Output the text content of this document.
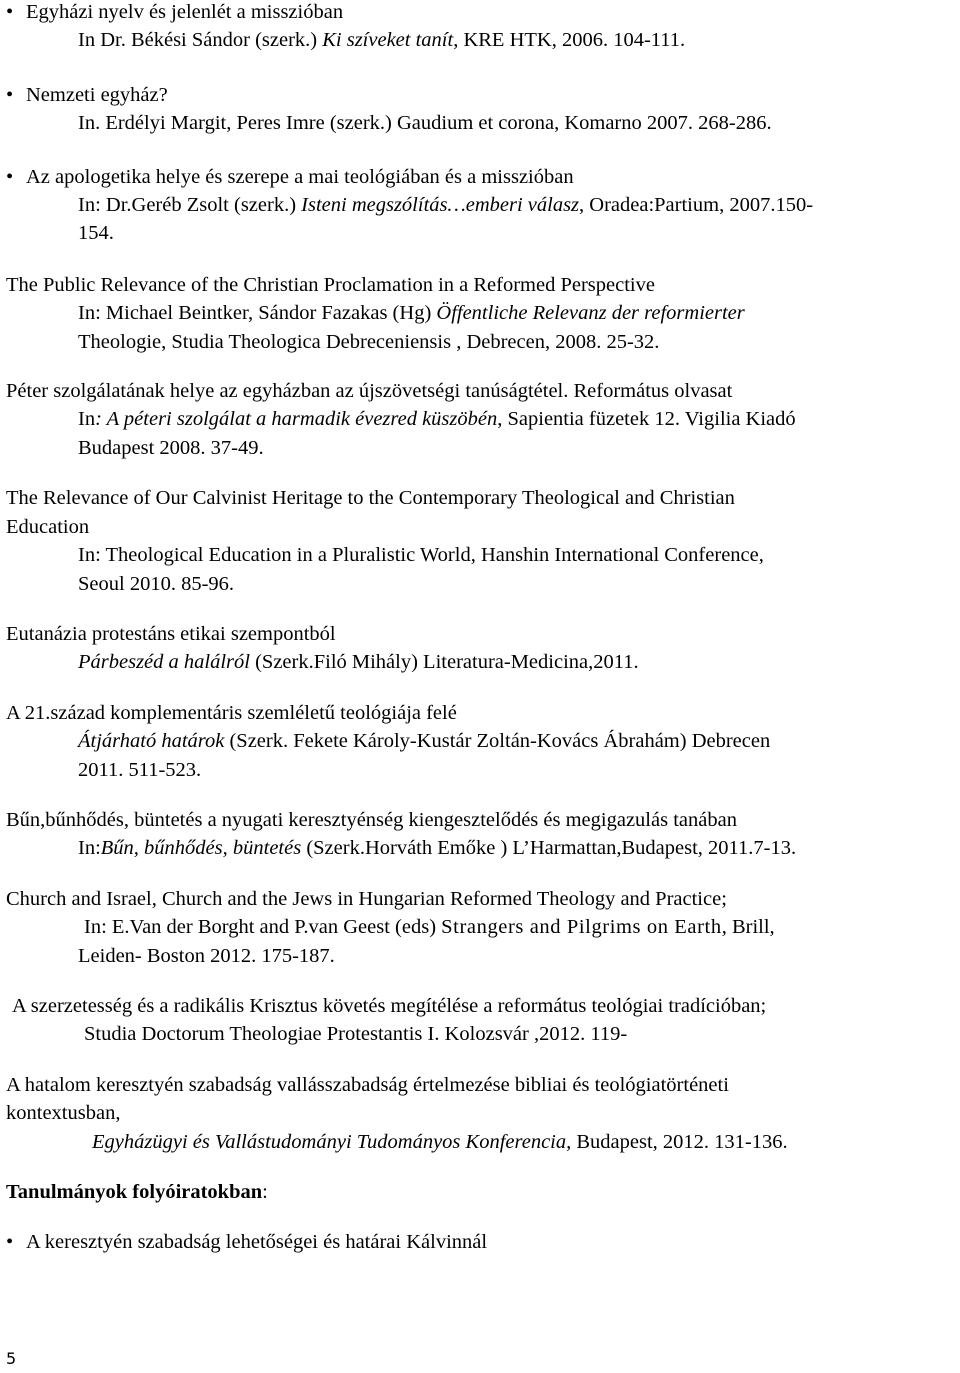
• Egyházi nyelv és jelenlét a misszióban
In Dr. Békési Sándor (szerk.) Ki szíveket tanít, KRE HTK, 2006. 104-111.
• Nemzeti egyház?
In. Erdélyi Margit, Peres Imre (szerk.) Gaudium et corona, Komarno 2007. 268-286.
• Az apologetika helye és szerepe a mai teológiában és a misszióban
In: Dr.Geréb Zsolt (szerk.) Isteni megszólítás…emberi válasz, Oradea:Partium, 2007.150-
154.
The Public Relevance of the Christian Proclamation in a Reformed Perspective
In: Michael Beintker, Sándor Fazakas (Hg) Öffentliche Relevanz der reformierter
Theologie, Studia Theologica Debreceniensis , Debrecen, 2008. 25-32.
Péter szolgálatának helye az egyházban az újszövetségi tanúságtétel. Református olvasat
In: A péteri szolgálat a harmadik évezred küszöbén, Sapientia füzetek 12. Vigilia Kiadó
Budapest 2008. 37-49.
The Relevance of Our Calvinist Heritage to the Contemporary Theological and Christian
Education
In: Theological Education in a Pluralistic World, Hanshin International Conference,
Seoul 2010. 85-96.
Eutanázia protestáns etikai szempontból
Párbeszéd a halálról (Szerk.Filó Mihály) Literatura-Medicina,2011.
A 21.század komplementáris szemléletű teológiája felé
Átjárható határok (Szerk. Fekete Károly-Kustár Zoltán-Kovács Ábrahám) Debrecen
2011. 511-523.
Bűn,bűnhődés, büntetés a nyugati keresztyénség kiengesztelődés és megigazulás tanában
In:Bűn, bűnhődés, büntetés (Szerk.Horváth Emőke ) L’Harmattan,Budapest, 2011.7-13.
Church and Israel, Church and the Jews in Hungarian Reformed Theology and Practice;
In: E.Van der Borght and P.van Geest (eds) Strangers and Pilgrims on Earth, Brill,
Leiden- Boston 2012. 175-187.
A szerzetesség és a radikális Krisztus követés megítélése a református teológiai tradícióban;
Studia Doctorum Theologiae Protestantis I. Kolozsvár ,2012. 119-
A hatalom keresztyén szabadság vallásszabadság értelmezése bibliai és teológiatörténeti
kontextusban,
Egyházügyi és Vallástudományi Tudományos Konferencia, Budapest, 2012. 131-136.
Tanulmányok folyóiratokban:
• A keresztyén szabadság lehetőségei és határai Kálvinnál
5
